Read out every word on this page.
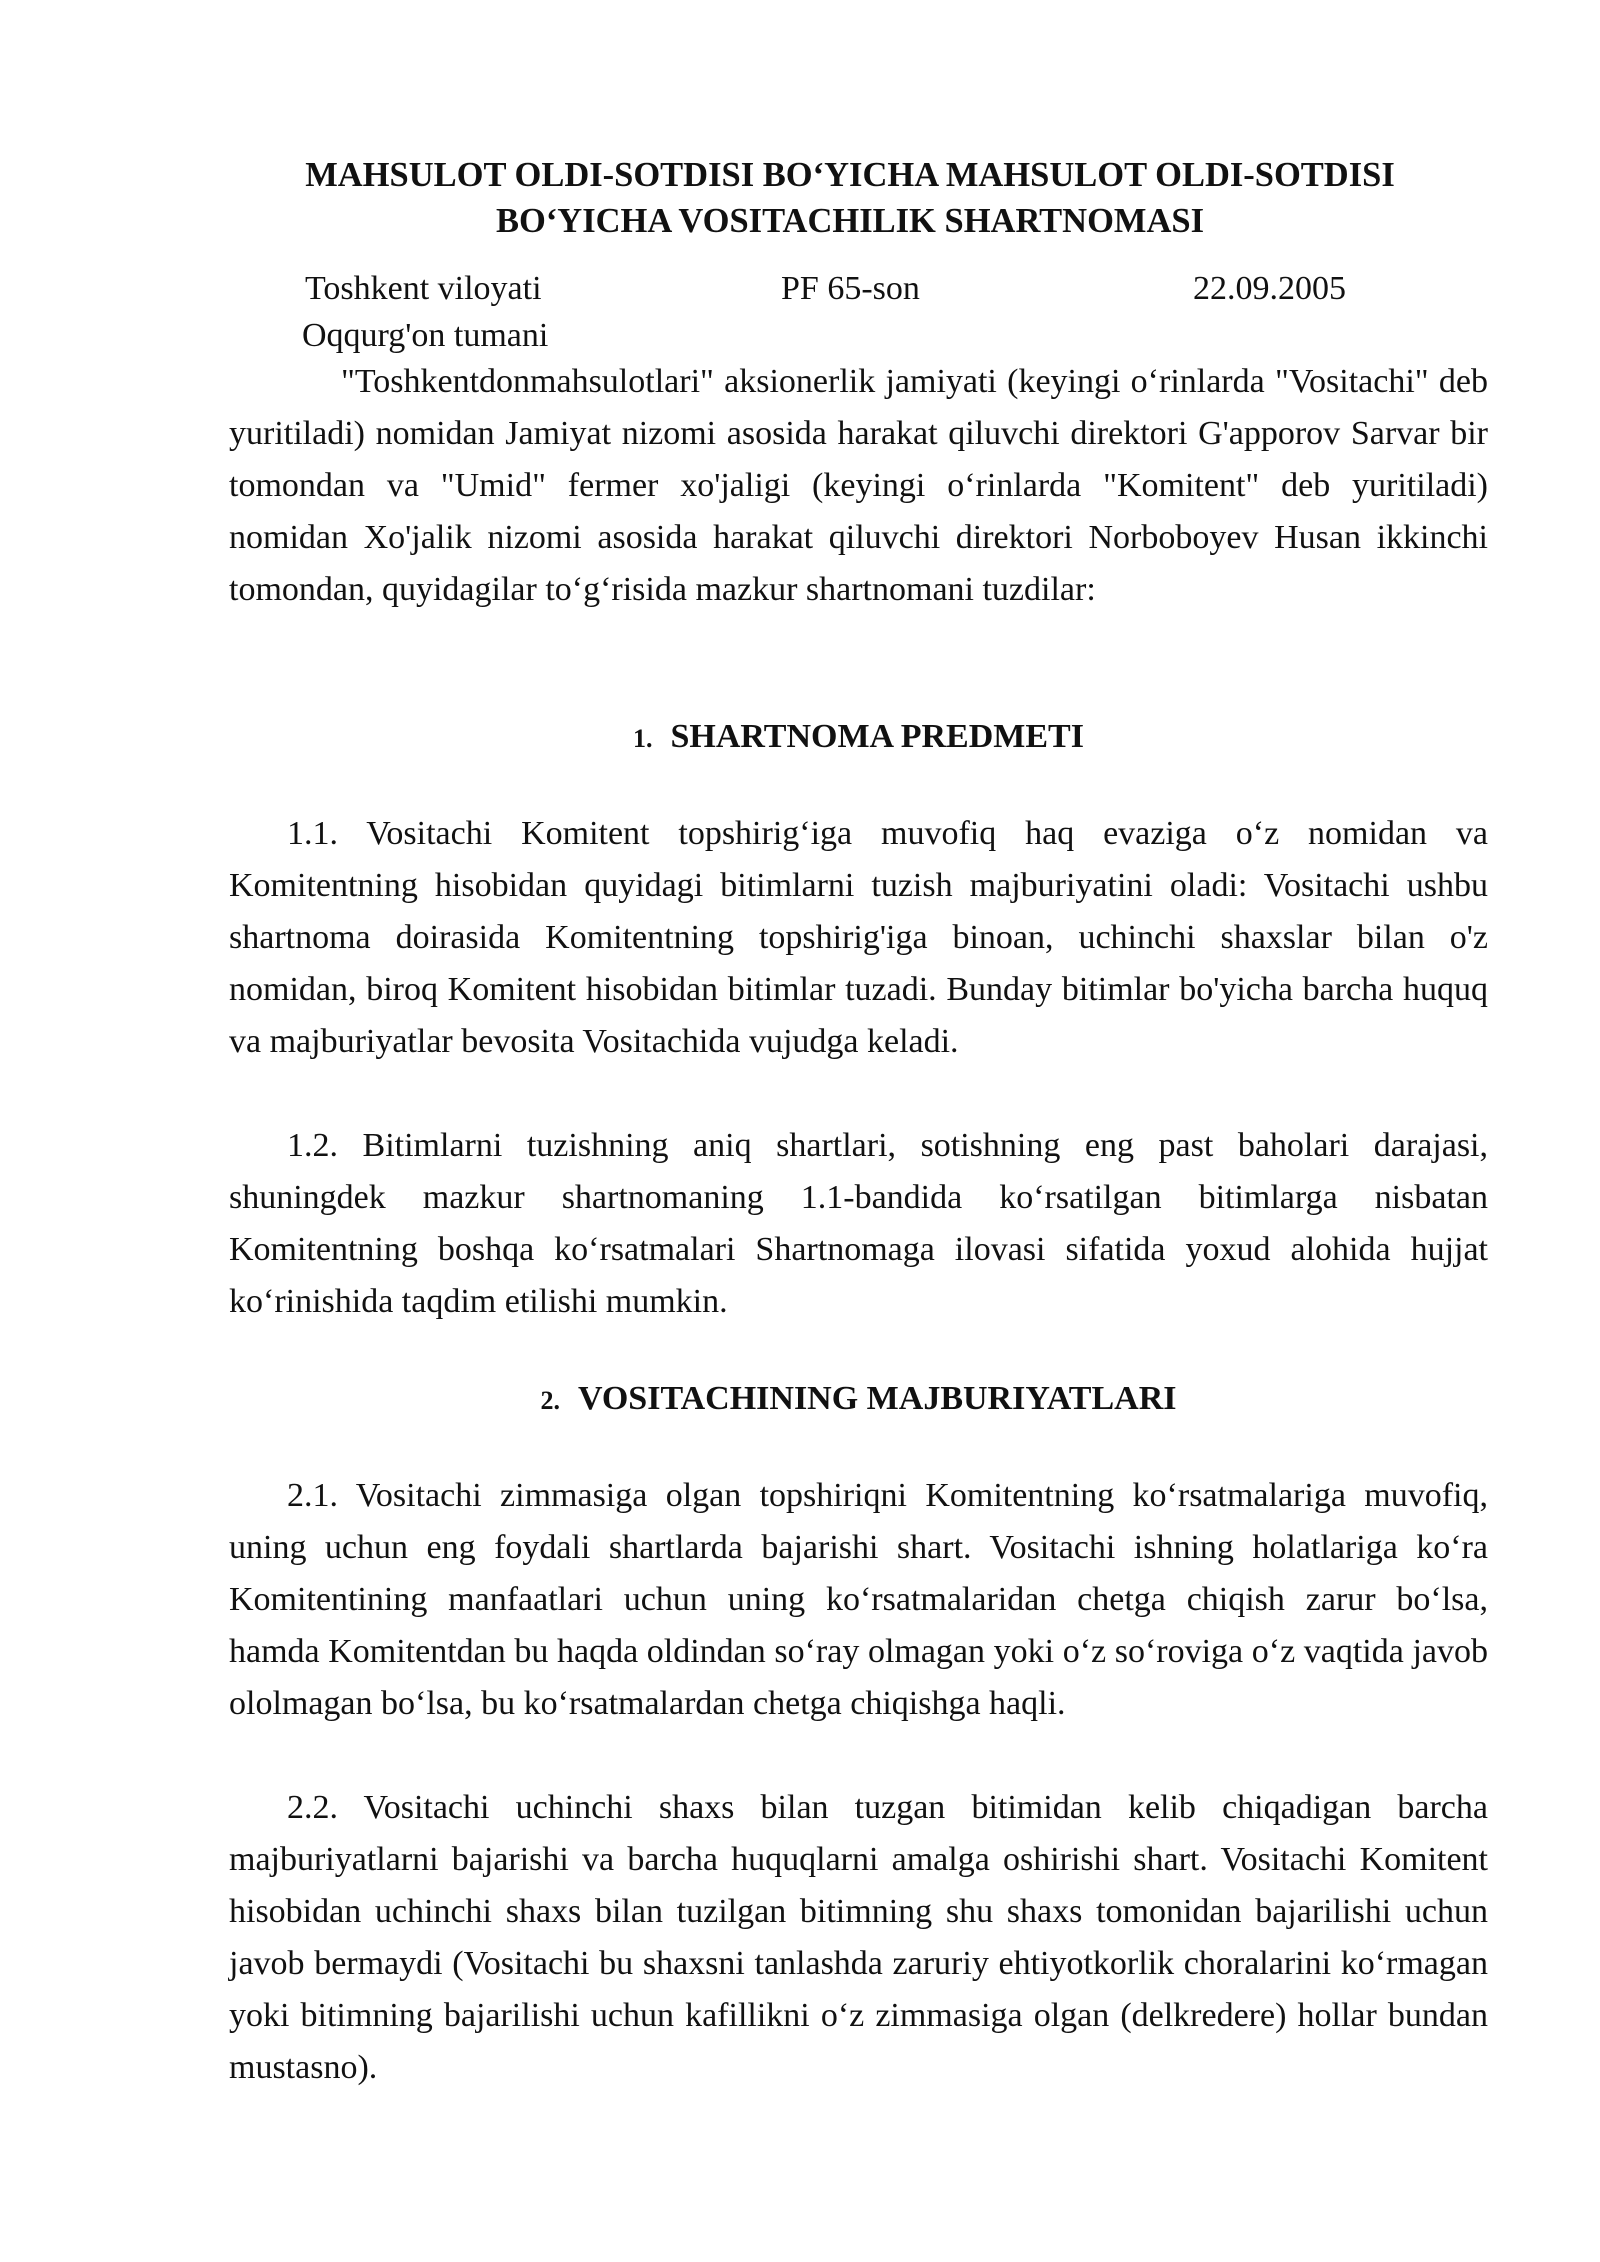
MAHSULOT OLDI-SOTDISI BO‘YICHA MAHSULOT OLDI-SOTDISI BO‘YICHA VOSITACHILIK SHARTNOMASI

Toshkent viloyati

Oqqurg'on tumani

PF 65-son	22.09.2005

"Toshkentdonmahsulotlari" aksionerlik jamiyati (keyingi o‘rinlarda "Vositachi" deb yuritiladi) nomidan Jamiyat nizomi asosida harakat qiluvchi direktori G'apporov Sarvar bir tomondan va "Umid" fermer xo'jaligi (keyingi o‘rinlarda "Komitent" deb yuritiladi) nomidan Xo'jalik nizomi asosida harakat qiluvchi direktori Norboboyev Husan ikkinchi tomondan, quyidagilar to‘g‘risida mazkur shartnomani tuzdilar:

1. SHARTNOMA PREDMETI

1.1. Vositachi Komitent topshirig‘iga muvofiq haq evaziga o‘z nomidan va Komitentning hisobidan quyidagi bitimlarni tuzish majburiyatini oladi: Vositachi ushbu shartnoma doirasida Komitentning topshirig'iga binoan, uchinchi shaxslar bilan o'z nomidan, biroq Komitent hisobidan bitimlar tuzadi. Bunday bitimlar bo'yicha barcha huquq va majburiyatlar bevosita Vositachida vujudga keladi.

1.2. Bitimlarni tuzishning aniq shartlari, sotishning eng past baholari darajasi, shuningdek mazkur shartnomaning 1.1-bandida ko‘rsatilgan bitimlarga nisbatan Komitentning boshqa ko‘rsatmalari Shartnomaga ilovasi sifatida yoxud alohida hujjat ko‘rinishida taqdim etilishi mumkin.

2. VOSITACHINING MAJBURIYATLARI

2.1. Vositachi zimmasiga olgan topshiriqni Komitentning ko‘rsatmalariga muvofiq, uning uchun eng foydali shartlarda bajarishi shart. Vositachi ishning holatlariga ko‘ra Komitentining manfaatlari uchun uning ko‘rsatmalaridan chetga chiqish zarur bo‘lsa, hamda Komitentdan bu haqda oldindan so‘ray olmagan yoki o‘z so‘roviga o‘z vaqtida javob ololmagan bo‘lsa, bu ko‘rsatmalardan chetga chiqishga haqli.

2.2. Vositachi uchinchi shaxs bilan tuzgan bitimidan kelib chiqadigan barcha majburiyatlarni bajarishi va barcha huquqlarni amalga oshirishi shart. Vositachi Komitent hisobidan uchinchi shaxs bilan tuzilgan bitimning shu shaxs tomonidan bajarilishi uchun javob bermaydi (Vositachi bu shaxsni tanlashda zaruriy ehtiyotkorlik choralarini ko‘rmagan yoki bitimning bajarilishi uchun kafillikni o‘z zimmasiga olgan (delkredere) hollar bundan mustasno).
